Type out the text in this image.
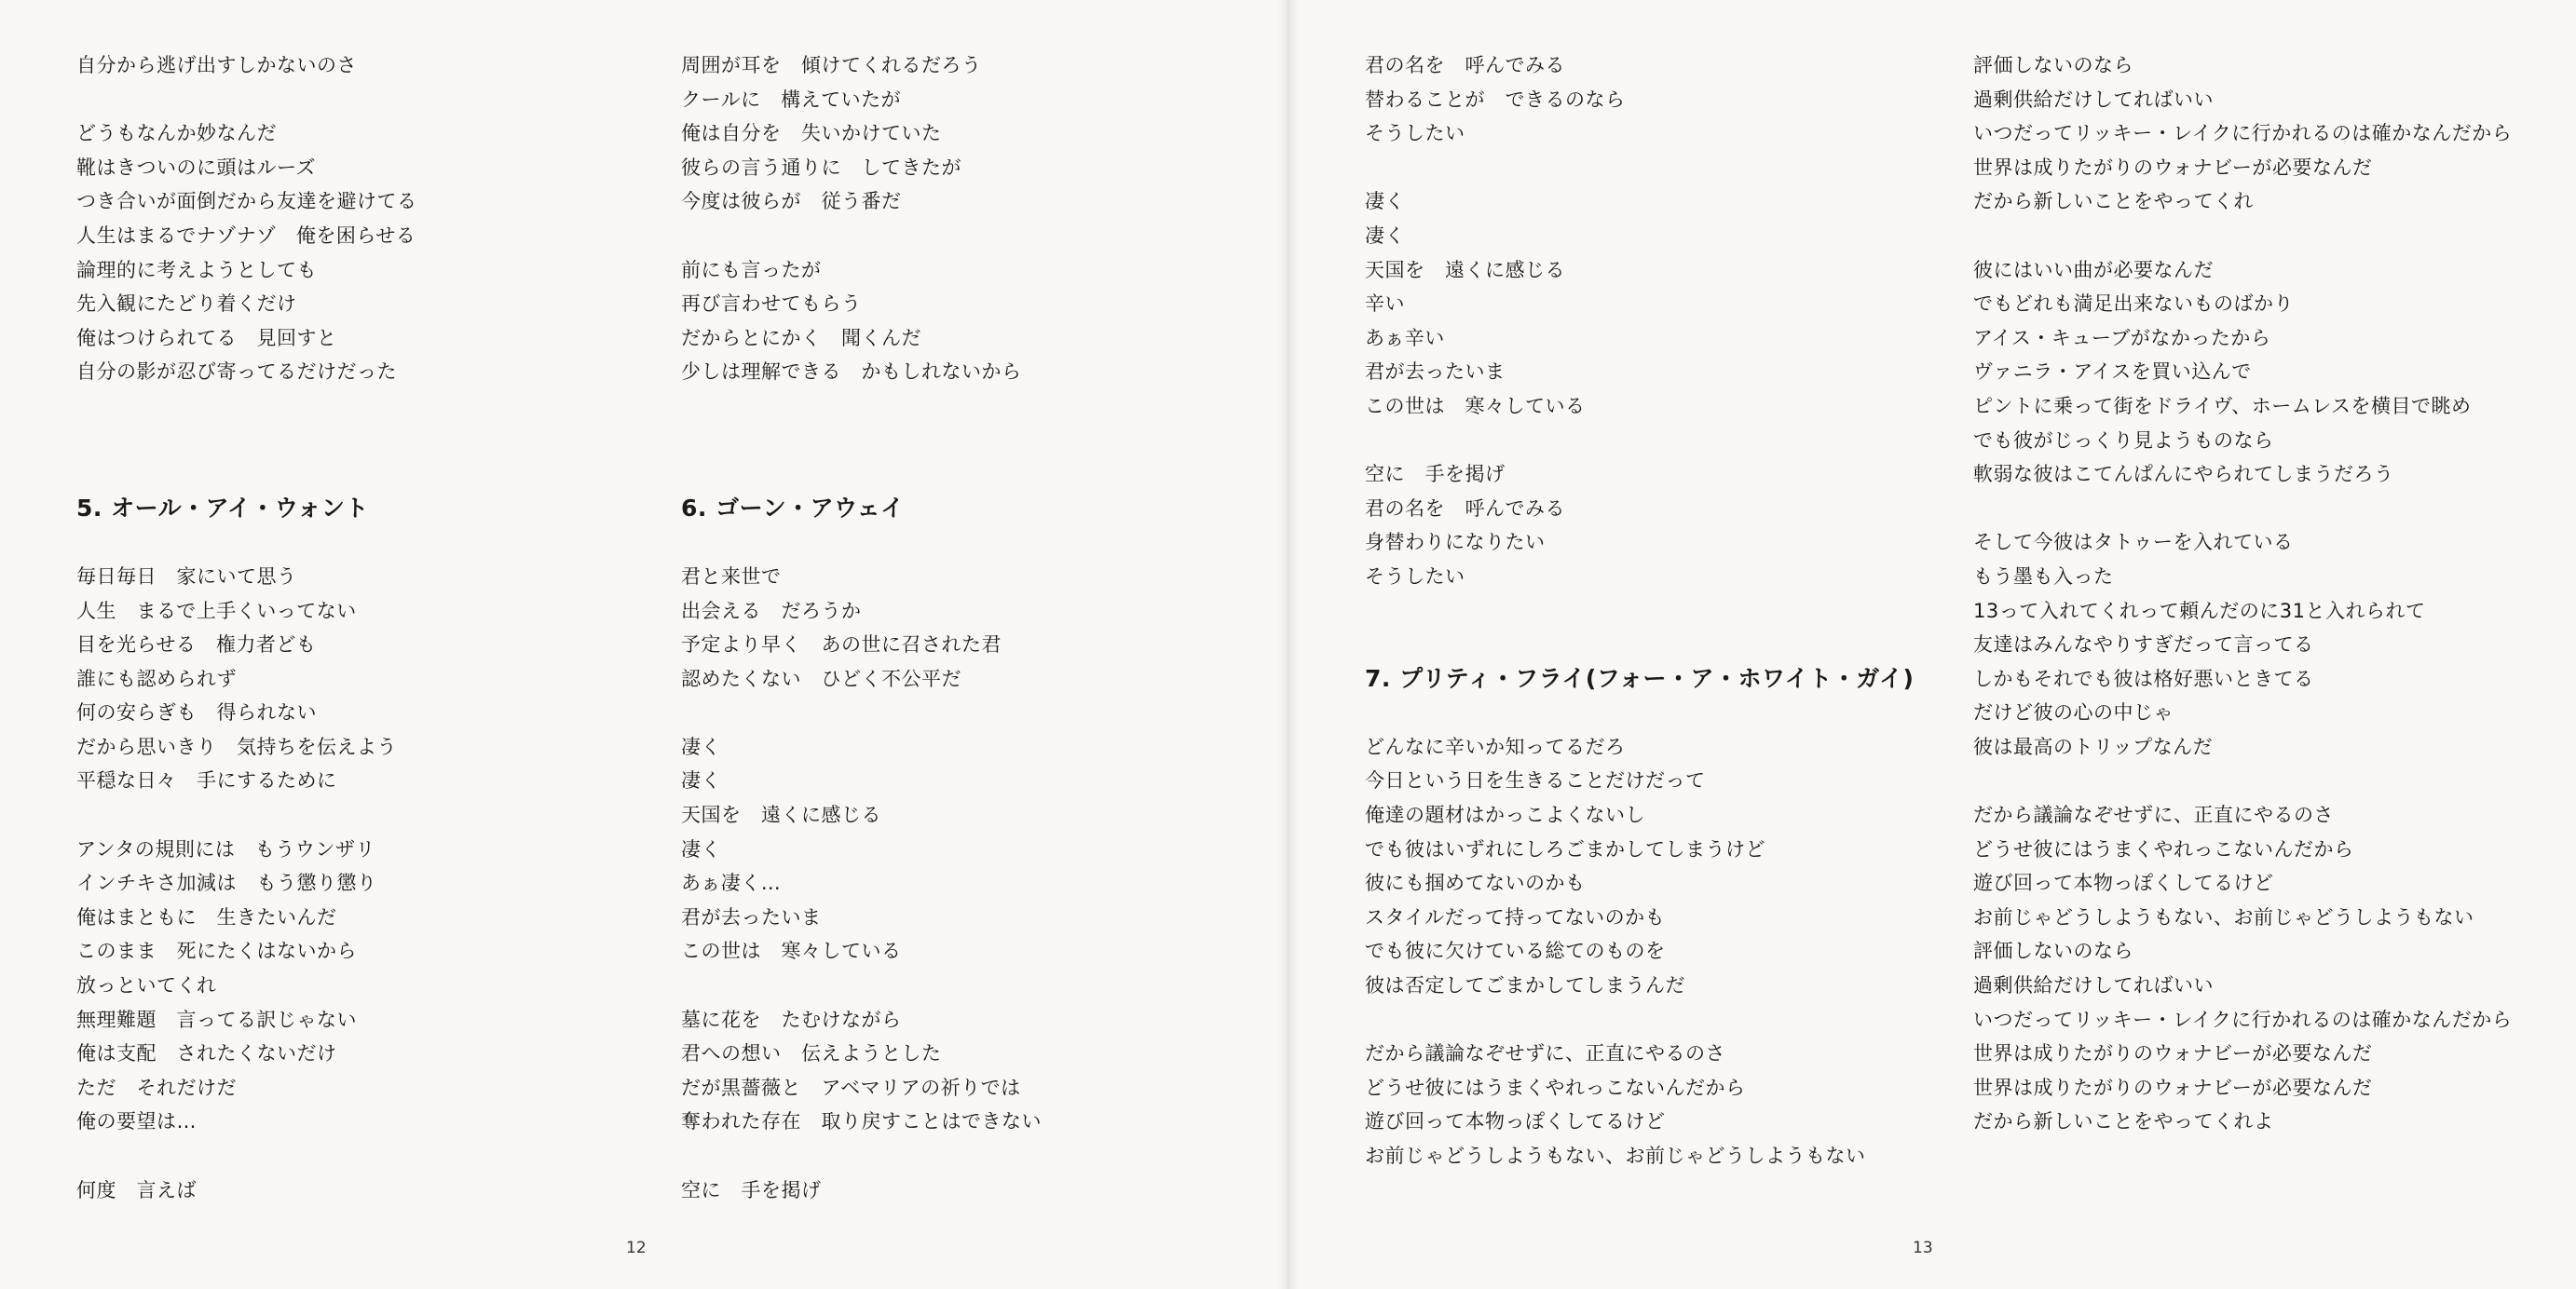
自分から逃げ出すしかないのさ

どうもなんか妙なんだ

靴はきついのに頭はルーズ

つき合いが面倒だから友達を避けてる

人生はまるでナゾナゾ　俺を困らせる

論理的に考えようとしても

先入観にたどり着くだけ

俺はつけられてる　見回すと

自分の影が忍び寄ってるだけだった

5. オール・アイ・ウォント

毎日毎日　家にいて思う

人生　まるで上手くいってない

目を光らせる　権力者ども

誰にも認められず

何の安らぎも　得られない

だから思いきり　気持ちを伝えよう

平穏な日々　手にするために

アンタの規則には　もうウンザリ

インチキさ加減は　もう懲り懲り

俺はまともに　生きたいんだ

このまま　死にたくはないから

放っといてくれ

無理難題　言ってる訳じゃない

俺は支配　されたくないだけ

ただ　それだけだ

俺の要望は…

何度　言えば

周囲が耳を　傾けてくれるだろう

クールに　構えていたが

俺は自分を　失いかけていた

彼らの言う通りに　してきたが

今度は彼らが　従う番だ

前にも言ったが

再び言わせてもらう

だからとにかく　聞くんだ

少しは理解できる　かもしれないから

6. ゴーン・アウェイ

君と来世で

出会える　だろうか

予定より早く　あの世に召された君

認めたくない　ひどく不公平だ

凄く

凄く

天国を　遠くに感じる

凄く

あぁ凄く…

君が去ったいま

この世は　寒々している

墓に花を　たむけながら

君への想い　伝えようとした

だが黒薔薇と　アベマリアの祈りでは

奪われた存在　取り戻すことはできない

空に　手を掲げ

君の名を　呼んでみる

替わることが　できるのなら

そうしたい

凄く

凄く

天国を　遠くに感じる

辛い

あぁ辛い

君が去ったいま

この世は　寒々している

空に　手を掲げ

君の名を　呼んでみる

身替わりになりたい

そうしたい

7. プリティ・フライ(フォー・ア・ホワイト・ガイ)

どんなに辛いか知ってるだろ

今日という日を生きることだけだって

俺達の題材はかっこよくないし

でも彼はいずれにしろごまかしてしまうけど

彼にも掴めてないのかも

スタイルだって持ってないのかも

でも彼に欠けている総てのものを

彼は否定してごまかしてしまうんだ

だから議論なぞせずに、正直にやるのさ

どうせ彼にはうまくやれっこないんだから

遊び回って本物っぽくしてるけど

お前じゃどうしようもない、お前じゃどうしようもない

評価しないのなら

過剰供給だけしてればいい

いつだってリッキー・レイクに行かれるのは確かなんだから

世界は成りたがりのウォナビーが必要なんだ

だから新しいことをやってくれ

彼にはいい曲が必要なんだ

でもどれも満足出来ないものばかり

アイス・キューブがなかったから

ヴァニラ・アイスを買い込んで

ピントに乗って街をドライヴ、ホームレスを横目で眺め

でも彼がじっくり見ようものなら

軟弱な彼はこてんぱんにやられてしまうだろう

そして今彼はタトゥーを入れている

もう墨も入った

13って入れてくれって頼んだのに31と入れられて

友達はみんなやりすぎだって言ってる

しかもそれでも彼は格好悪いときてる

だけど彼の心の中じゃ

彼は最高のトリップなんだ

だから議論なぞせずに、正直にやるのさ

どうせ彼にはうまくやれっこないんだから

遊び回って本物っぽくしてるけど

お前じゃどうしようもない、お前じゃどうしようもない

評価しないのなら

過剰供給だけしてればいい

いつだってリッキー・レイクに行かれるのは確かなんだから

世界は成りたがりのウォナビーが必要なんだ

世界は成りたがりのウォナビーが必要なんだ

だから新しいことをやってくれよ

12	13
